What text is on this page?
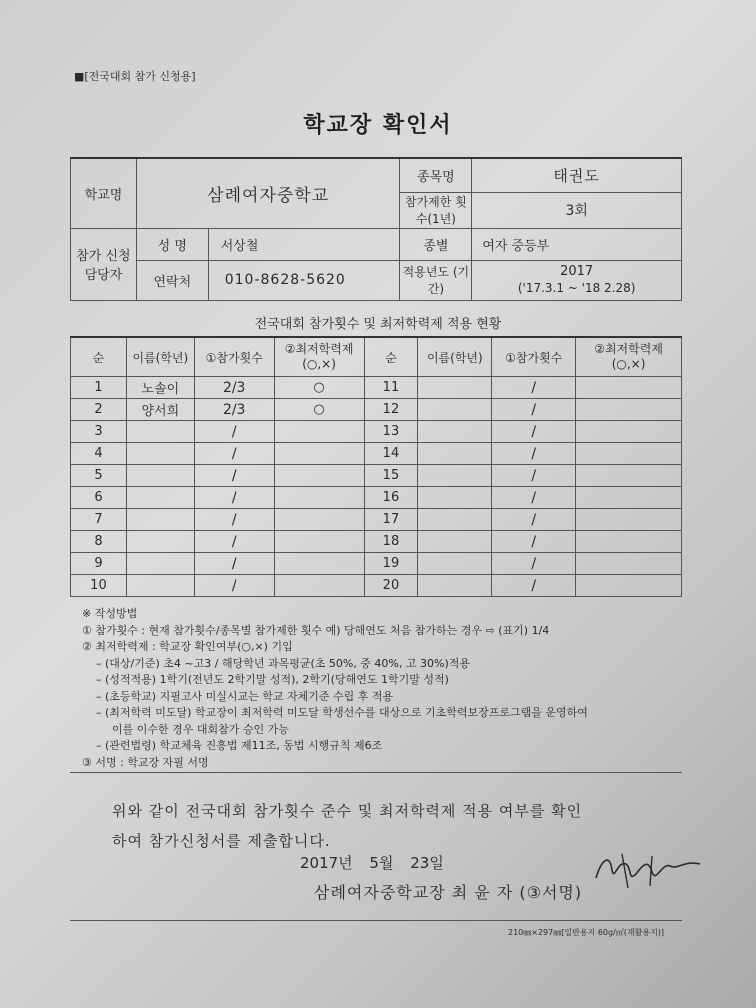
■[전국대회 참가 신청용]
학교장 확인서
학교명	삼례여자중학교		종목명	태권도
			참가제한 횟수(1년)	3회
참가 신청 담당자	성 명	서상철	종별	여자 중등부
	연락처	010-8628-5620	적용년도 (기간)	2017
('17.3.1 ~ '18 2.28)
전국대회 참가횟수 및 최저학력제 적용 현황
순	이름(학년)	①참가횟수	②최저학력제 (○,×)	순	이름(학년)	①참가횟수	②최저학력제 (○,×)
1	노솔이	2/3	○	11		/	
2	양서희	2/3	○	12		/	
3		/		13		/	
4		/		14		/	
5		/		15		/	
6		/		16		/	
7		/		17		/	
8		/		18		/	
9		/		19		/	
10		/		20		/	
※ 작성방법
① 참가횟수 : 현재 참가횟수/종목별 참가제한 횟수 예) 당해연도 처음 참가하는 경우 ⇨ (표기) 1/4
② 최저학력제 : 학교장 확인여부(○,×) 기입
– (대상/기준) 초4 ~고3 / 해당학년 과목평균(초 50%, 중 40%, 고 30%)적용
– (성적적용) 1학기(전년도 2학기말 성적), 2학기(당해연도 1학기말 성적)
– (초등학교) 지필고사 미실시교는 학교 자체기준 수립 후 적용
– (최저학력 미도달) 학교장이 최저학력 미도달 학생선수를 대상으로 기초학력보장프로그램을 운영하여
이를 이수한 경우 대회참가 승인 가능
– (관련법령) 학교체육 진흥법 제11조, 동법 시행규칙 제6조
③ 서명 : 학교장 자필 서명
위와 같이 전국대회 참가횟수 준수 및 최저학력제 적용 여부를 확인
하여 참가신청서를 제출합니다.
2017년 5월 23일
삼례여자중학교장 최 윤 자 (③서명)
210㎜×297㎜[일반용지 60g/㎡(재활용지)]
